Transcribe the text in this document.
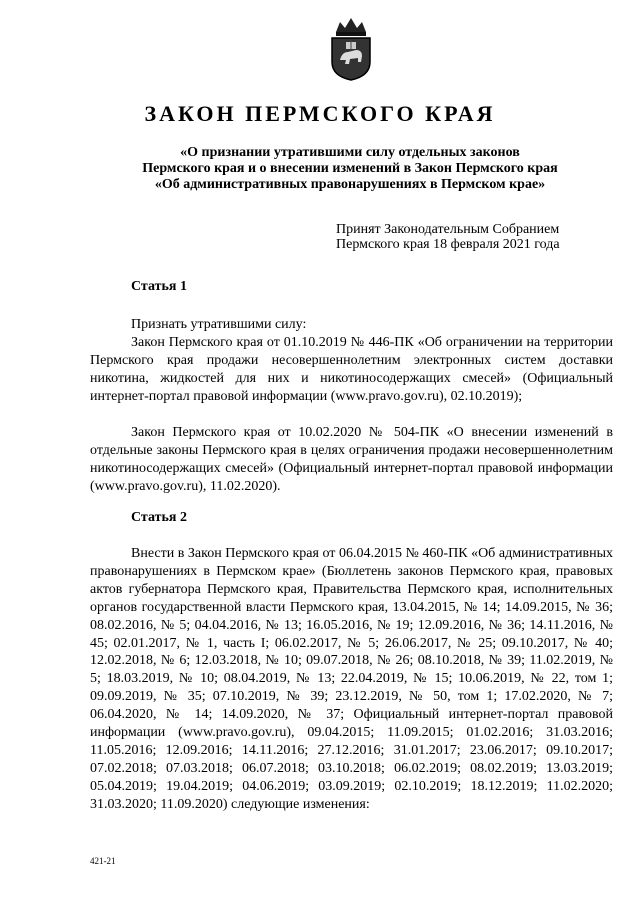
ЗАКОН ПЕРМСКОГО КРАЯ
«О признании утратившими силу отдельных законов
Пермского края и о внесении изменений в Закон Пермского края
«Об административных правонарушениях в Пермском крае»
Принят Законодательным Собранием
Пермского края 18 февраля 2021 года
Статья 1
Признать утратившими силу:
Закон Пермского края от 01.10.2019 № 446-ПК «Об ограничении на территории Пермского края продажи несовершеннолетним электронных систем доставки никотина, жидкостей для них и никотиносодержащих смесей» (Официальный интернет-портал правовой информации (www.pravo.gov.ru), 02.10.2019);
Закон Пермского края от 10.02.2020 № 504-ПК «О внесении изменений в отдельные законы Пермского края в целях ограничения продажи несовершеннолетним никотиносодержащих смесей» (Официальный интернет-портал правовой информации (www.pravo.gov.ru), 11.02.2020).
Статья 2
Внести в Закон Пермского края от 06.04.2015 № 460-ПК «Об административных правонарушениях в Пермском крае» (Бюллетень законов Пермского края, правовых актов губернатора Пермского края, Правительства Пермского края, исполнительных органов государственной власти Пермского края, 13.04.2015, № 14; 14.09.2015, № 36; 08.02.2016, № 5; 04.04.2016, № 13; 16.05.2016, № 19; 12.09.2016, № 36; 14.11.2016, № 45; 02.01.2017, № 1, часть I; 06.02.2017, № 5; 26.06.2017, № 25; 09.10.2017, № 40; 12.02.2018, № 6; 12.03.2018, № 10; 09.07.2018, № 26; 08.10.2018, № 39; 11.02.2019, № 5; 18.03.2019, № 10; 08.04.2019, № 13; 22.04.2019, № 15; 10.06.2019, № 22, том 1; 09.09.2019, № 35; 07.10.2019, № 39; 23.12.2019, № 50, том 1; 17.02.2020, № 7; 06.04.2020, № 14; 14.09.2020, № 37; Официальный интернет-портал правовой информации (www.pravo.gov.ru), 09.04.2015; 11.09.2015; 01.02.2016; 31.03.2016; 11.05.2016; 12.09.2016; 14.11.2016; 27.12.2016; 31.01.2017; 23.06.2017; 09.10.2017; 07.02.2018; 07.03.2018; 06.07.2018; 03.10.2018; 06.02.2019; 08.02.2019; 13.03.2019; 05.04.2019; 19.04.2019; 04.06.2019; 03.09.2019; 02.10.2019; 18.12.2019; 11.02.2020; 31.03.2020; 11.09.2020) следующие изменения:
421-21
